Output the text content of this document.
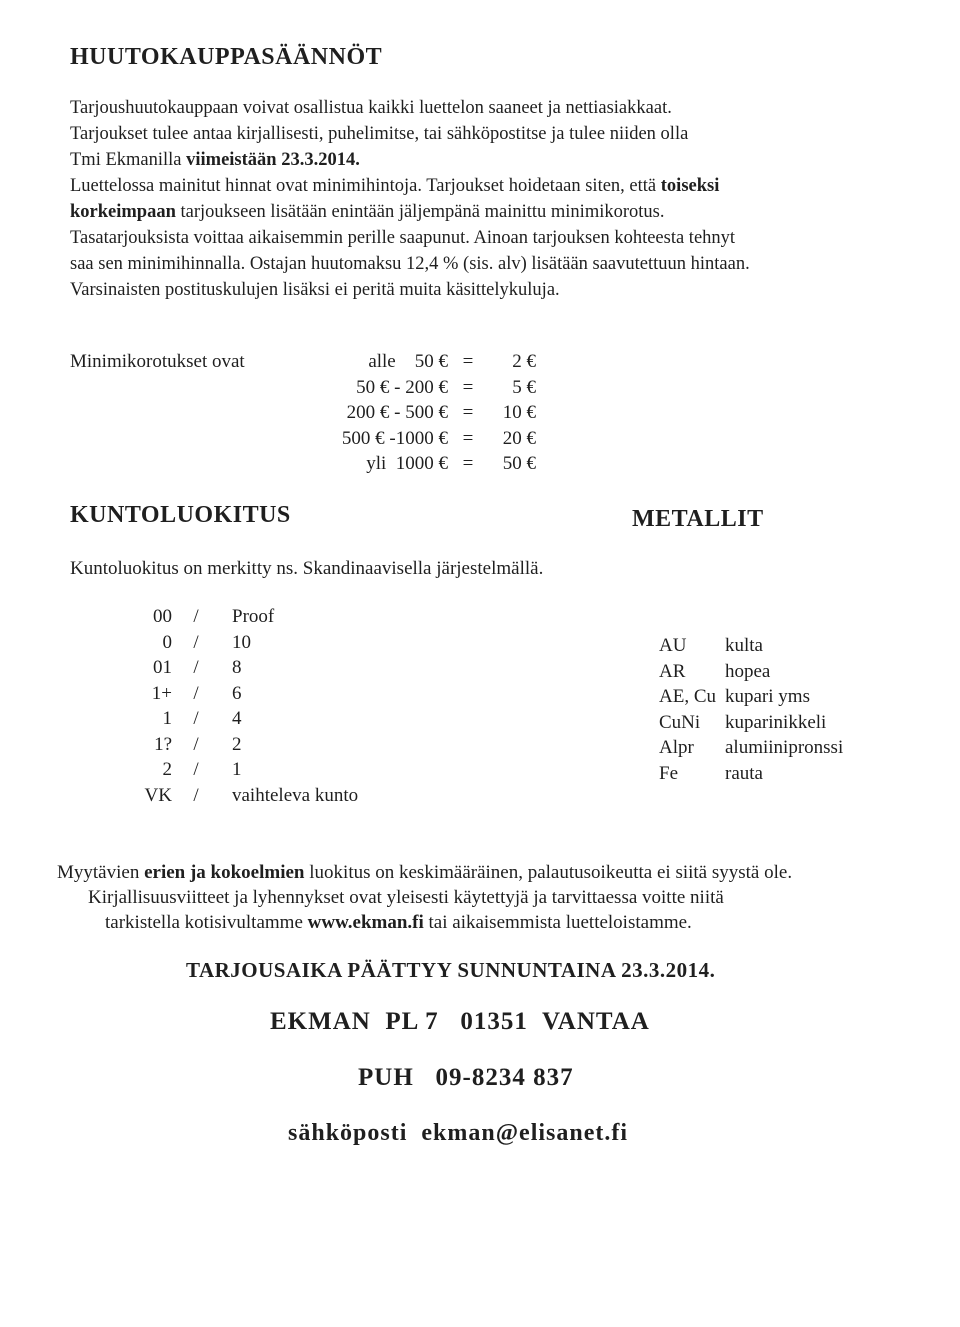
HUUTOKAUPPASÄÄNNÖT
Tarjoushuutokauppaan voivat osallistua kaikki luettelon saaneet ja nettiasiakkaat.
Tarjoukset tulee antaa kirjallisesti, puhelimitse, tai sähköpostitse ja tulee niiden olla
Tmi Ekmanilla viimeistään 23.3.2014.
Luettelossa mainitut hinnat ovat minimihintoja. Tarjoukset hoidetaan siten, että toiseksi
korkeimpaan tarjoukseen lisätään enintään jäljempänä mainittu minimikorotus.
Tasatarjouksista voittaa aikaisemmin perille saapunut. Ainoan tarjouksen kohteesta tehnyt
saa sen minimihinnalla. Ostajan huutomaksu 12,4 % (sis. alv) lisätään saavutettuun hintaan.
Varsinaisten postituskulujen lisäksi ei peritä muita käsittelykuluja.
Minimikorotukset ovat	alle    50 € =	2 €
50 € - 200 € =	5 €
200 € - 500 € =	10 €
500 € -1000 € =	20 €
yli  1000 € =	50 €
KUNTOLUOKITUS	METALLIT
Kuntoluokitus on merkitty ns. Skandinaavisella järjestelmällä.
00	/	Proof
0	/	10
01	/	8
1+	/	6
1	/	4
1?	/	2
2	/	1
VK	/	vaihteleva kunto
AU	kulta
AR	hopea
AE, Cu kupari yms
CuNi	kuparinikkeli
Alpr	alumiinipronssi
Fe	rauta
Myytävien erien ja kokoelmien luokitus on keskimääräinen, palautusoikeutta ei siitä syystä ole.
Kirjallisuusviitteet ja lyhennykset ovat yleisesti käytettyjä ja tarvittaessa voitte niitä
tarkistella kotisivultamme www.ekman.fi tai aikaisemmista luetteloistamme.
TARJOUSAIKA PÄÄTTYY SUNNUNTAINA 23.3.2014.
EKMAN  PL 7   01351  VANTAA
PUH   09-8234 837
sähköposti ekman@elisanet.fi
